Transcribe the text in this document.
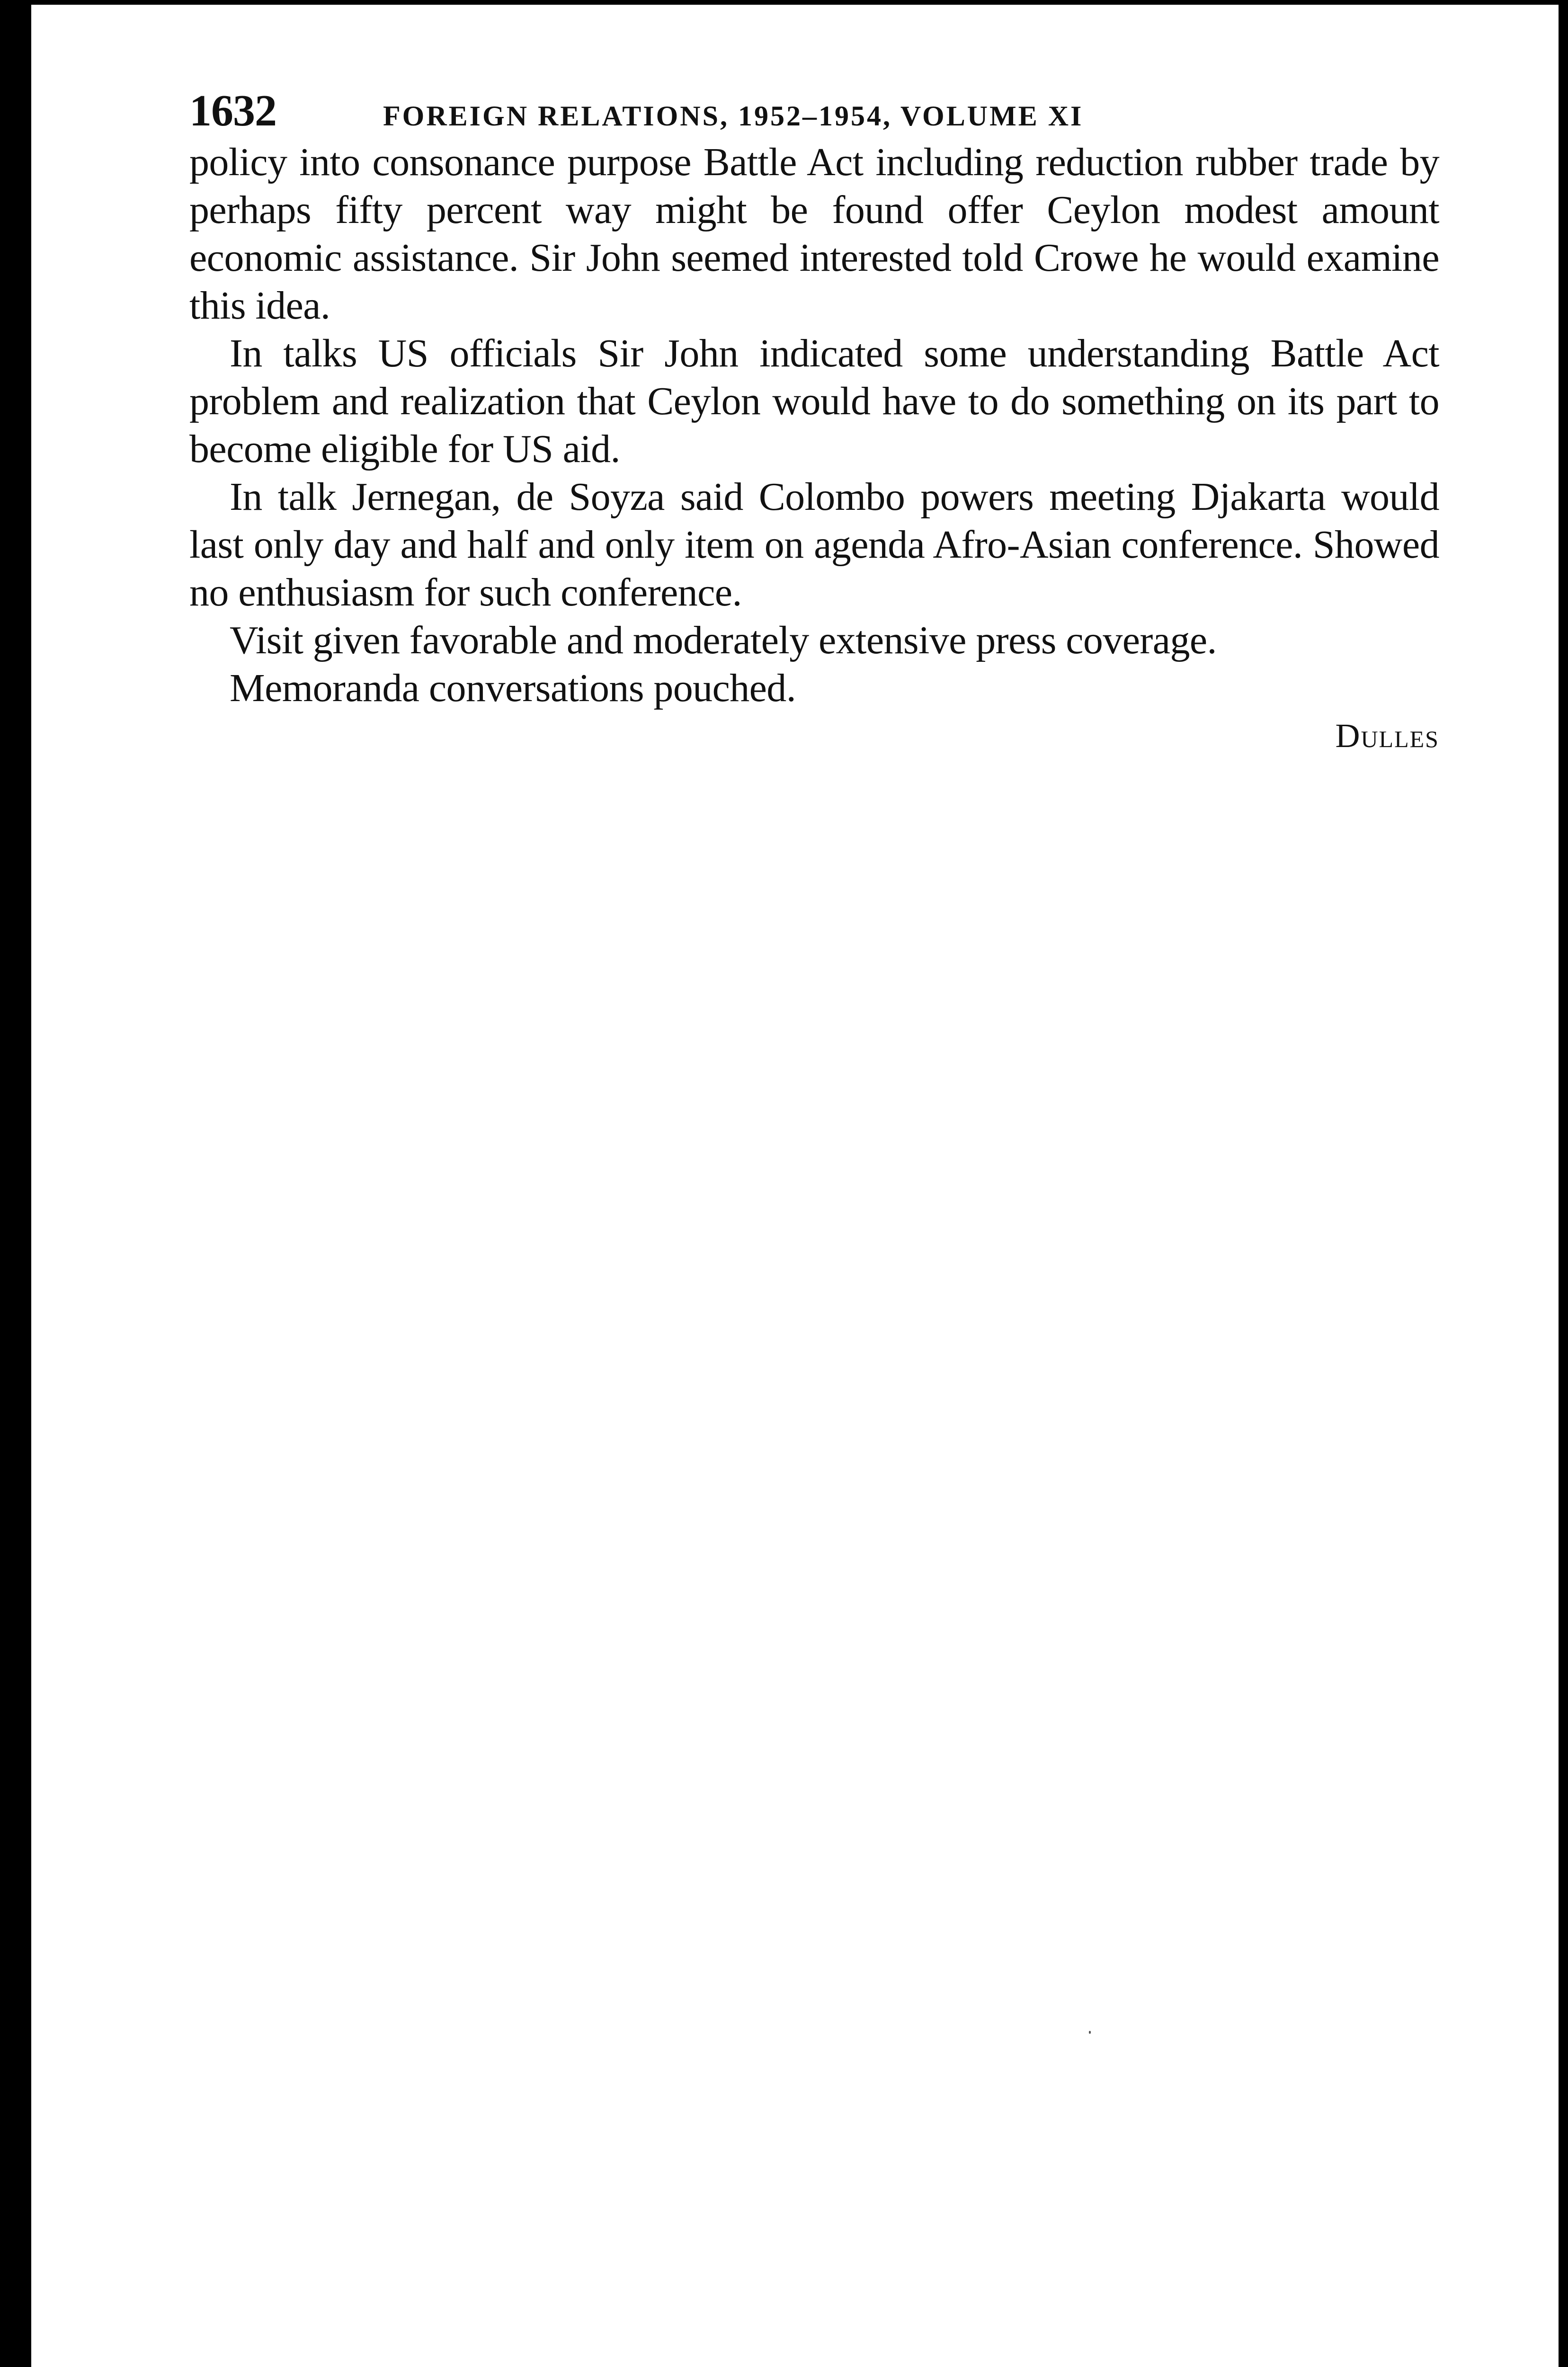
1632	FOREIGN RELATIONS, 1952–1954, VOLUME XI

policy into consonance purpose Battle Act including reduction rubber trade by perhaps fifty percent way might be found offer Ceylon modest amount economic assistance. Sir John seemed interested told Crowe he would examine this idea.

In talks US officials Sir John indicated some understanding Battle Act problem and realization that Ceylon would have to do something on its part to become eligible for US aid.

In talk Jernegan, de Soyza said Colombo powers meeting Djakarta would last only day and half and only item on agenda Afro-Asian conference. Showed no enthusiasm for such conference.

Visit given favorable and moderately extensive press coverage.

Memoranda conversations pouched.

Dulles
